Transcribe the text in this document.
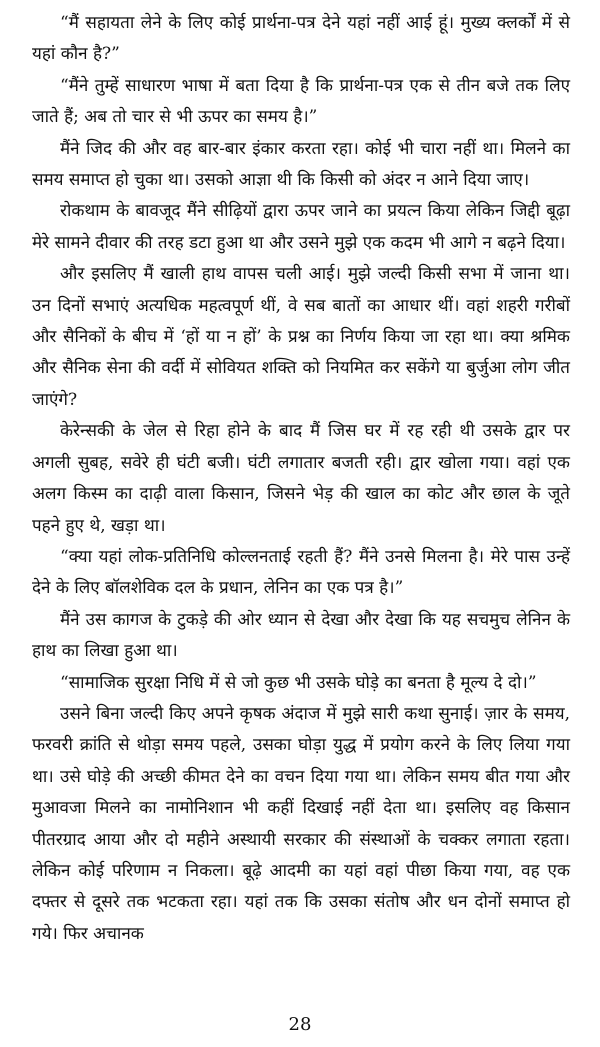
“मैं सहायता लेने के लिए कोई प्रार्थना-पत्र देने यहां नहीं आई हूं। मुख्य क्लर्कों में से यहां कौन है?”

“मैंने तुम्हें साधारण भाषा में बता दिया है कि प्रार्थना-पत्र एक से तीन बजे तक लिए जाते हैं; अब तो चार से भी ऊपर का समय है।”

मैंने जिद की और वह बार-बार इंकार करता रहा। कोई भी चारा नहीं था। मिलने का समय समाप्त हो चुका था। उसको आज्ञा थी कि किसी को अंदर न आने दिया जाए।

रोकथाम के बावजूद मैंने सीढ़ियों द्वारा ऊपर जाने का प्रयत्न किया लेकिन जिद्दी बूढ़ा मेरे सामने दीवार की तरह डटा हुआ था और उसने मुझे एक कदम भी आगे न बढ़ने दिया।

और इसलिए मैं खाली हाथ वापस चली आई। मुझे जल्दी किसी सभा में जाना था। उन दिनों सभाएं अत्यधिक महत्वपूर्ण थीं, वे सब बातों का आधार थीं। वहां शहरी गरीबों और सैनिकों के बीच में ‘हों या न हों’ के प्रश्न का निर्णय किया जा रहा था। क्या श्रमिक और सैनिक सेना की वर्दी में सोवियत शक्ति को नियमित कर सकेंगे या बुर्जुआ लोग जीत जाएंगे?

केरेन्सकी के जेल से रिहा होने के बाद मैं जिस घर में रह रही थी उसके द्वार पर अगली सुबह, सवेरे ही घंटी बजी। घंटी लगातार बजती रही। द्वार खोला गया। वहां एक अलग किस्म का दाढ़ी वाला किसान, जिसने भेड़ की खाल का कोट और छाल के जूते पहने हुए थे, खड़ा था।

“क्या यहां लोक-प्रतिनिधि कोल्लनताई रहती हैं? मैंने उनसे मिलना है। मेरे पास उन्हें देने के लिए बॉलशेविक दल के प्रधान, लेनिन का एक पत्र है।”

मैंने उस कागज के टुकड़े की ओर ध्यान से देखा और देखा कि यह सचमुच लेनिन के हाथ का लिखा हुआ था।

“सामाजिक सुरक्षा निधि में से जो कुछ भी उसके घोड़े का बनता है मूल्य दे दो।”

उसने बिना जल्दी किए अपने कृषक अंदाज में मुझे सारी कथा सुनाई। ज़ार के समय, फरवरी क्रांति से थोड़ा समय पहले, उसका घोड़ा युद्ध में प्रयोग करने के लिए लिया गया था। उसे घोड़े की अच्छी कीमत देने का वचन दिया गया था। लेकिन समय बीत गया और मुआवजा मिलने का नामोनिशान भी कहीं दिखाई नहीं देता था। इसलिए वह किसान पीतरग्राद आया और दो महीने अस्थायी सरकार की संस्थाओं के चक्कर लगाता रहता। लेकिन कोई परिणाम न निकला। बूढ़े आदमी का यहां वहां पीछा किया गया, वह एक दफ्तर से दूसरे तक भटकता रहा। यहां तक कि उसका संतोष और धन दोनों समाप्त हो गये। फिर अचानक

28
